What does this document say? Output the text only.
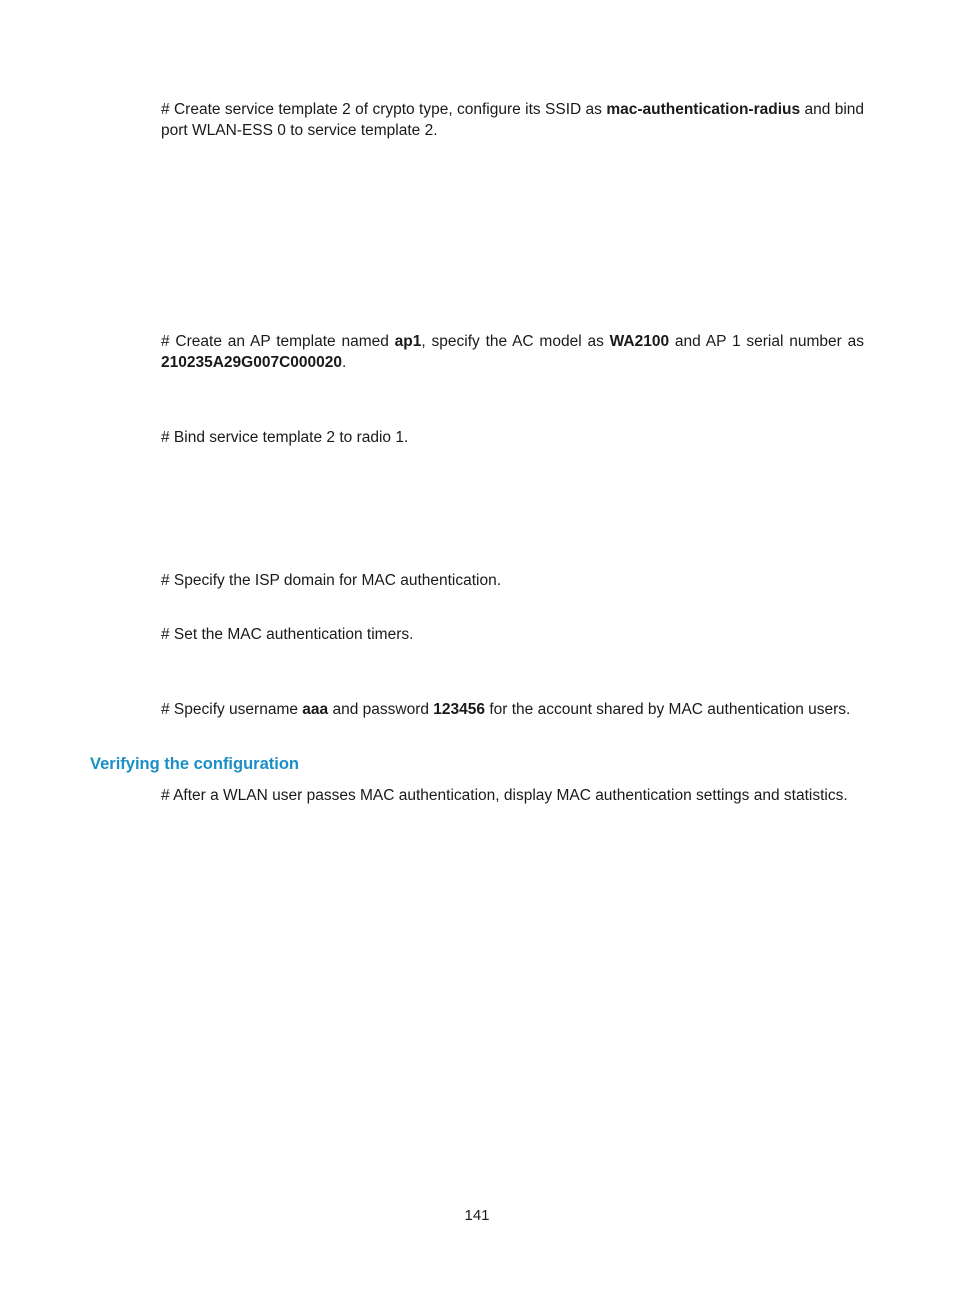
# Create service template 2 of crypto type, configure its SSID as mac-authentication-radius and bind port WLAN-ESS 0 to service template 2.

# Create an AP template named ap1, specify the AC model as WA2100 and AP 1 serial number as 210235A29G007C000020.

# Bind service template 2 to radio 1.

# Specify the ISP domain for MAC authentication.

# Set the MAC authentication timers.

# Specify username aaa and password 123456 for the account shared by MAC authentication users.

Verifying the configuration

# After a WLAN user passes MAC authentication, display MAC authentication settings and statistics.

141
